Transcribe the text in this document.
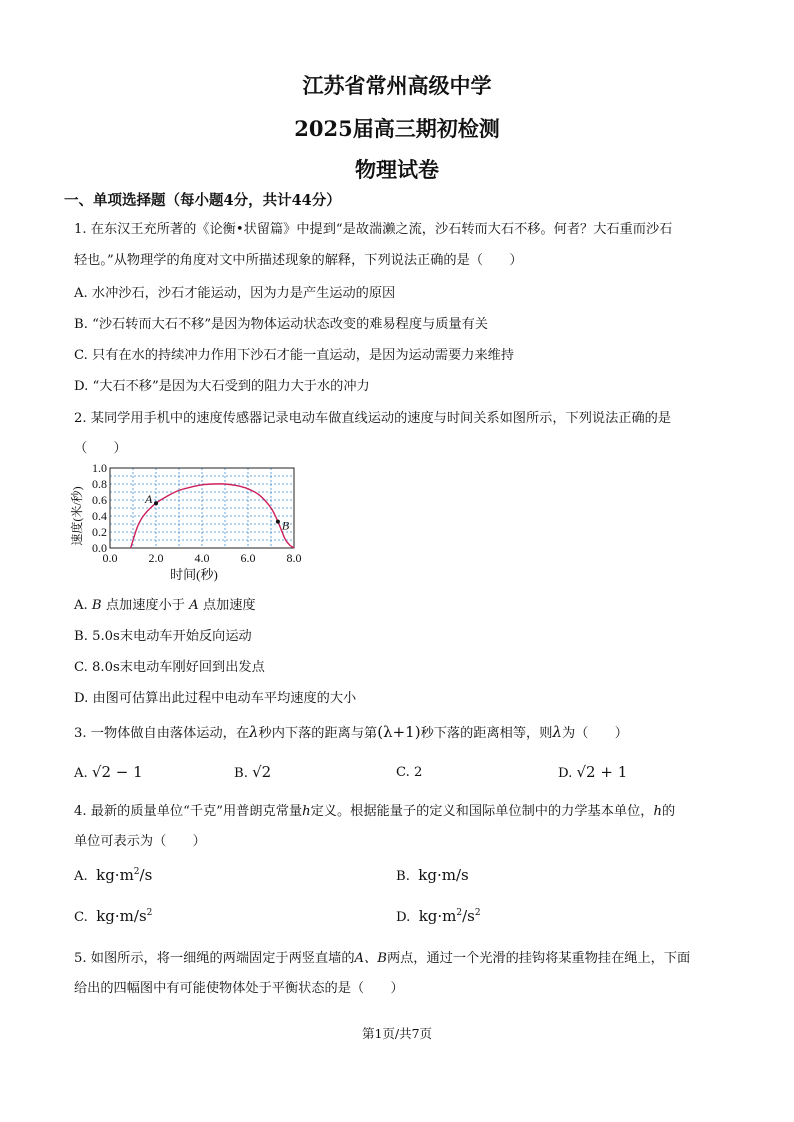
江苏省常州高级中学
2025届高三期初检测
物理试卷
一、单项选择题（每小题4分，共计44分）
1. 在东汉王充所著的《论衡•状留篇》中提到“是故湍濑之流，沙石转而大石不移。何者？大石重而沙石
轻也。”从物理学的角度对文中所描述现象的解释，下列说法正确的是（　　）
A. 水冲沙石，沙石才能运动，因为力是产生运动的原因
B. “沙石转而大石不移”是因为物体运动状态改变的难易程度与质量有关
C. 只有在水的持续冲力作用下沙石才能一直运动，是因为运动需要力来维持
D. “大石不移”是因为大石受到的阻力大于水的冲力
2. 某同学用手机中的速度传感器记录电动车做直线运动的速度与时间关系如图所示，下列说法正确的是
（　　）
0.0	2.0	4.0	6.0	8.0
0.0
0.2
0.4
0.6
0.8
1.0
时间(秒)
速度(米/秒)	A
B
A. B 点加速度小于 A 点加速度
B. 5.0s末电动车开始反向运动
C. 8.0s末电动车刚好回到出发点
D. 由图可估算出此过程中电动车平均速度的大小
3. 一物体做自由落体运动，在λ秒内下落的距离与第(λ+1)秒下落的距离相等，则λ为（　　）
A. √2 − 1	B. √2	C. 2	D. √2 + 1
4. 最新的质量单位“千克”用普朗克常量h定义。根据能量子的定义和国际单位制中的力学基本单位，h的
单位可表示为（　　）
A. $kg\cdot m^2/s$	B. kg·m/s
C. $kg\cdot m/s^2$	D. $kg\cdot m^2/s^2$
5. 如图所示，将一细绳的两端固定于两竖直墙的A、B两点，通过一个光滑的挂钩将某重物挂在绳上，下面
给出的四幅图中有可能使物体处于平衡状态的是（　　）
第1页/共7页
